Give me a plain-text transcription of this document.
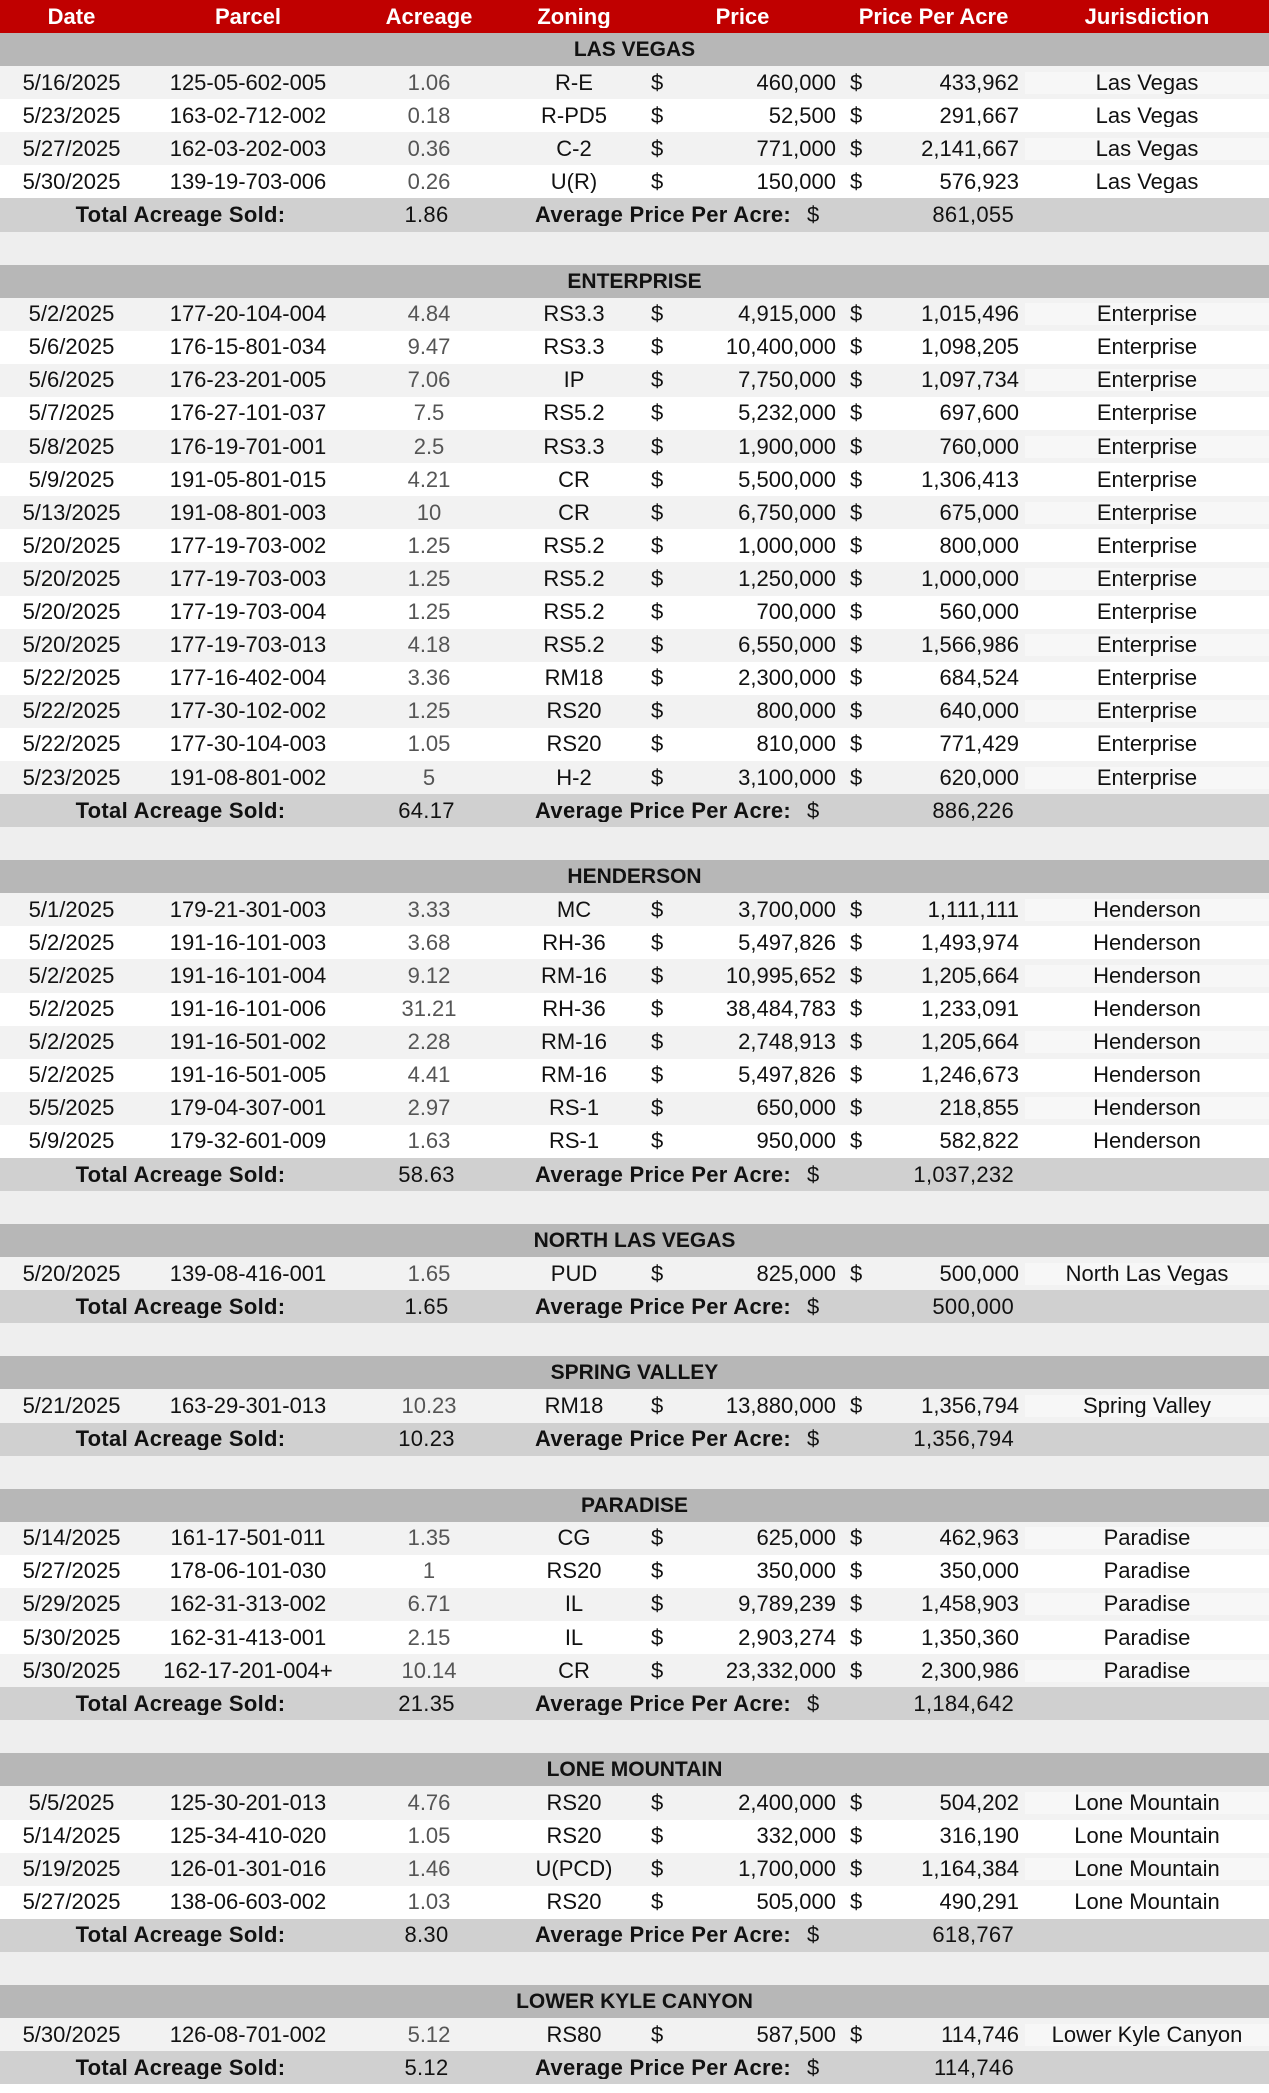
Date	Parcel	Acreage	Zoning	Price	Price Per Acre	Jurisdiction
LAS VEGAS
5/16/2025	125-05-602-005	1.06	R-E	$	460,000 $	433,962	Las Vegas
5/23/2025	163-02-712-002	0.18	R-PD5	$	52,500 $	291,667	Las Vegas
5/27/2025	162-03-202-003	0.36	C-2	$	771,000 $	2,141,667	Las Vegas
5/30/2025	139-19-703-006	0.26	U(R)	$	150,000 $	576,923	Las Vegas
Total Acreage Sold:	1.86	Average Price Per Acre: $	861,055
ENTERPRISE
5/2/2025	177-20-104-004	4.84	RS3.3	$	4,915,000 $	1,015,496	Enterprise
5/6/2025	176-15-801-034	9.47	RS3.3	$	10,400,000 $	1,098,205	Enterprise
5/6/2025	176-23-201-005	7.06	IP	$	7,750,000 $	1,097,734	Enterprise
5/7/2025	176-27-101-037	7.5	RS5.2	$	5,232,000 $	697,600	Enterprise
5/8/2025	176-19-701-001	2.5	RS3.3	$	1,900,000 $	760,000	Enterprise
5/9/2025	191-05-801-015	4.21	CR	$	5,500,000 $	1,306,413	Enterprise
5/13/2025	191-08-801-003	10	CR	$	6,750,000 $	675,000	Enterprise
5/20/2025	177-19-703-002	1.25	RS5.2	$	1,000,000 $	800,000	Enterprise
5/20/2025	177-19-703-003	1.25	RS5.2	$	1,250,000 $	1,000,000	Enterprise
5/20/2025	177-19-703-004	1.25	RS5.2	$	700,000 $	560,000	Enterprise
5/20/2025	177-19-703-013	4.18	RS5.2	$	6,550,000 $	1,566,986	Enterprise
5/22/2025	177-16-402-004	3.36	RM18	$	2,300,000 $	684,524	Enterprise
5/22/2025	177-30-102-002	1.25	RS20	$	800,000 $	640,000	Enterprise
5/22/2025	177-30-104-003	1.05	RS20	$	810,000 $	771,429	Enterprise
5/23/2025	191-08-801-002	5	H-2	$	3,100,000 $	620,000	Enterprise
Total Acreage Sold:	64.17	Average Price Per Acre: $	886,226
HENDERSON
5/1/2025	179-21-301-003	3.33	MC	$	3,700,000 $	1,111,111	Henderson
5/2/2025	191-16-101-003	3.68	RH-36	$	5,497,826 $	1,493,974	Henderson
5/2/2025	191-16-101-004	9.12	RM-16	$	10,995,652 $	1,205,664	Henderson
5/2/2025	191-16-101-006	31.21	RH-36	$	38,484,783 $	1,233,091	Henderson
5/2/2025	191-16-501-002	2.28	RM-16	$	2,748,913 $	1,205,664	Henderson
5/2/2025	191-16-501-005	4.41	RM-16	$	5,497,826 $	1,246,673	Henderson
5/5/2025	179-04-307-001	2.97	RS-1	$	650,000 $	218,855	Henderson
5/9/2025	179-32-601-009	1.63	RS-1	$	950,000 $	582,822	Henderson
Total Acreage Sold:	58.63	Average Price Per Acre: $	1,037,232
NORTH LAS VEGAS
5/20/2025	139-08-416-001	1.65	PUD	$	825,000 $	500,000	North Las Vegas
Total Acreage Sold:	1.65	Average Price Per Acre: $	500,000
SPRING VALLEY
5/21/2025	163-29-301-013	10.23	RM18	$	13,880,000 $	1,356,794	Spring Valley
Total Acreage Sold:	10.23	Average Price Per Acre: $	1,356,794
PARADISE
5/14/2025	161-17-501-011	1.35	CG	$	625,000 $	462,963	Paradise
5/27/2025	178-06-101-030	1	RS20	$	350,000 $	350,000	Paradise
5/29/2025	162-31-313-002	6.71	IL	$	9,789,239 $	1,458,903	Paradise
5/30/2025	162-31-413-001	2.15	IL	$	2,903,274 $	1,350,360	Paradise
5/30/2025	162-17-201-004+	10.14	CR	$	23,332,000 $	2,300,986	Paradise
Total Acreage Sold:	21.35	Average Price Per Acre: $	1,184,642
LONE MOUNTAIN
5/5/2025	125-30-201-013	4.76	RS20	$	2,400,000 $	504,202	Lone Mountain
5/14/2025	125-34-410-020	1.05	RS20	$	332,000 $	316,190	Lone Mountain
5/19/2025	126-01-301-016	1.46	U(PCD)	$	1,700,000 $	1,164,384	Lone Mountain
5/27/2025	138-06-603-002	1.03	RS20	$	505,000 $	490,291	Lone Mountain
Total Acreage Sold:	8.30	Average Price Per Acre: $	618,767
LOWER KYLE CANYON
5/30/2025	126-08-701-002	5.12	RS80	$	587,500 $	114,746	Lower Kyle Canyon
Total Acreage Sold:	5.12	Average Price Per Acre: $	114,746
